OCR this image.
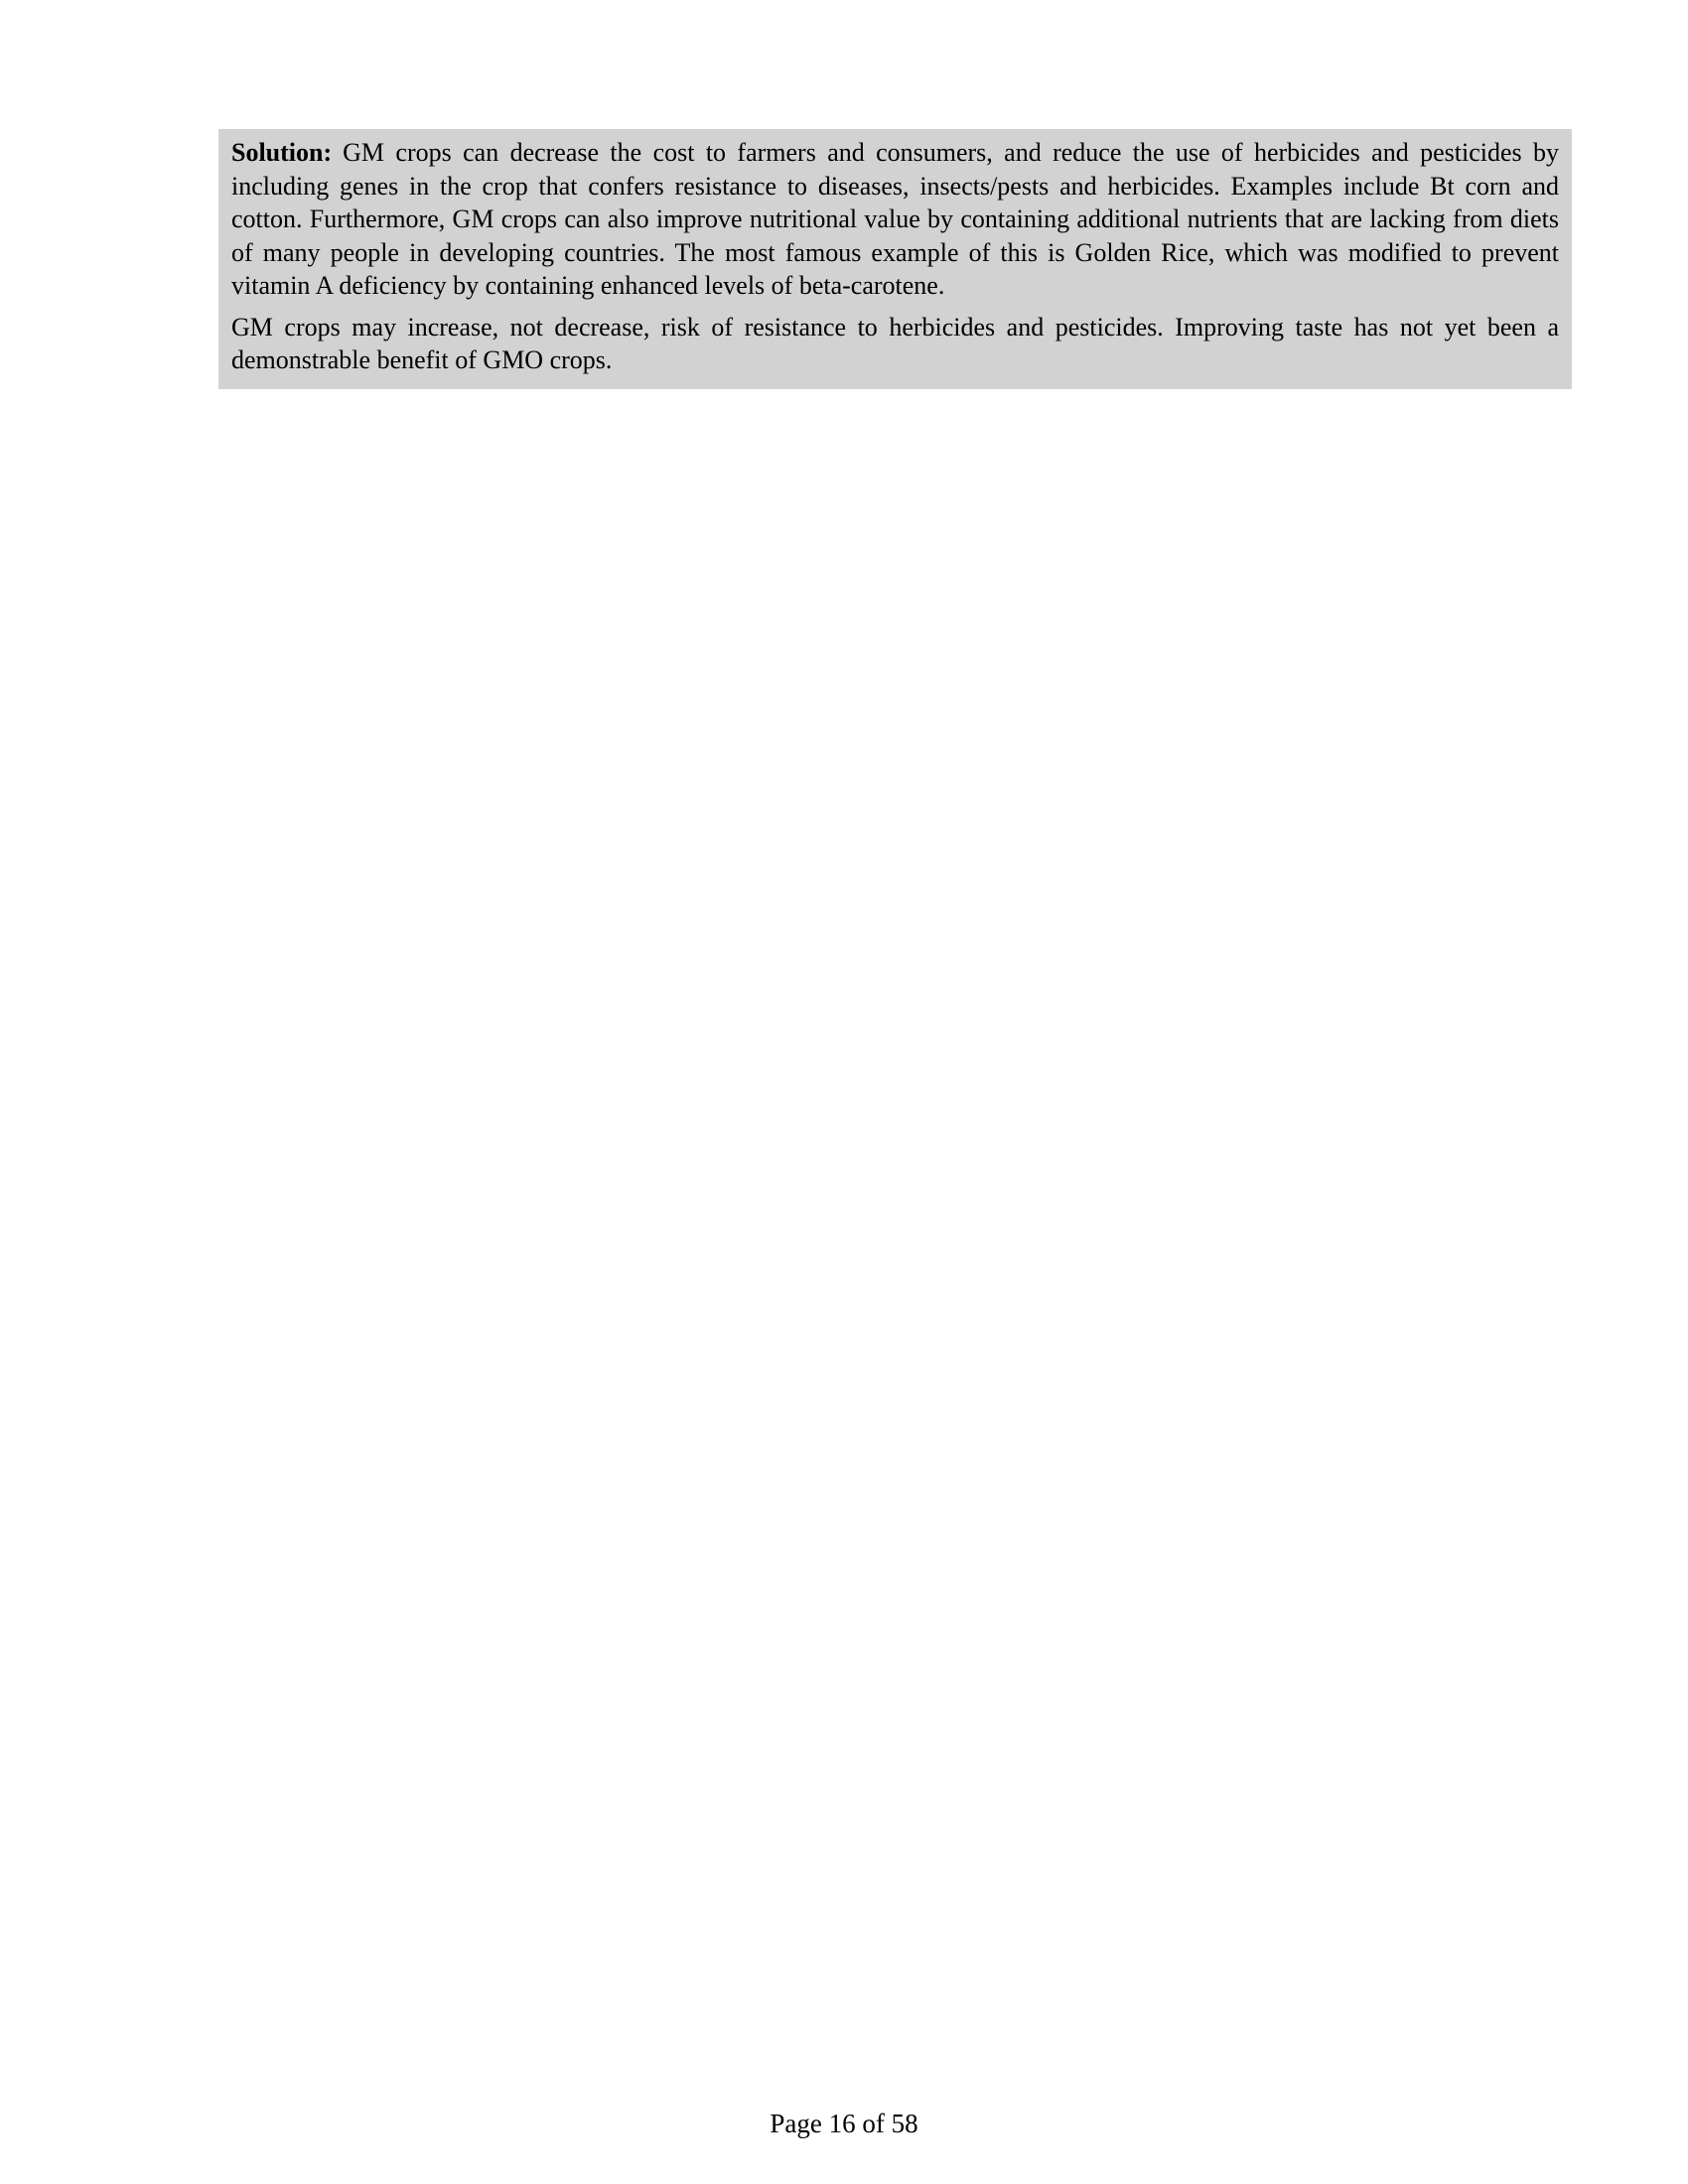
Solution: GM crops can decrease the cost to farmers and consumers, and reduce the use of herbicides and pesticides by including genes in the crop that confers resistance to diseases, insects/pests and herbicides. Examples include Bt corn and cotton. Furthermore, GM crops can also improve nutritional value by containing additional nutrients that are lacking from diets of many people in developing countries. The most famous example of this is Golden Rice, which was modified to prevent vitamin A deficiency by containing enhanced levels of beta-carotene.

GM crops may increase, not decrease, risk of resistance to herbicides and pesticides. Improving taste has not yet been a demonstrable benefit of GMO crops.

Page 16 of 58
